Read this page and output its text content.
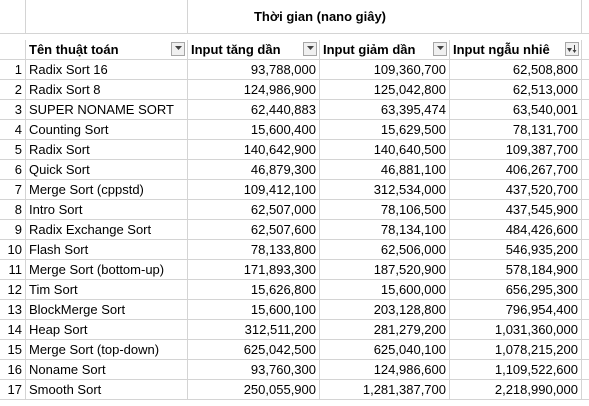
Thời gian (nano giây)
Tên thuật toán	Input tăng dần	Input giảm dần	Input ngẫu nhiê
1 Radix Sort 16	93,788,000	109,360,700	62,508,800
2 Radix Sort 8	124,986,900	125,042,800	62,513,000
3 SUPER NONAME SORT	62,440,883	63,395,474	63,540,001
4 Counting Sort	15,600,400	15,629,500	78,131,700
5 Radix Sort	140,642,900	140,640,500	109,387,700
6 Quick Sort	46,879,300	46,881,100	406,267,700
7 Merge Sort (cppstd)	109,412,100	312,534,000	437,520,700
8 Intro Sort	62,507,000	78,106,500	437,545,900
9 Radix Exchange Sort	62,507,600	78,134,100	484,426,600
10 Flash Sort	78,133,800	62,506,000	546,935,200
11 Merge Sort (bottom-up)	171,893,300	187,520,900	578,184,900
12 Tim Sort	15,626,800	15,600,000	656,295,300
13 BlockMerge Sort	15,600,100	203,128,800	796,954,400
14 Heap Sort	312,511,200	281,279,200	1,031,360,000
15 Merge Sort (top-down)	625,042,500	625,040,100	1,078,215,200
16 Noname Sort	93,760,300	124,986,600	1,109,522,600
17 Smooth Sort	250,055,900	1,281,387,700	2,218,990,000
